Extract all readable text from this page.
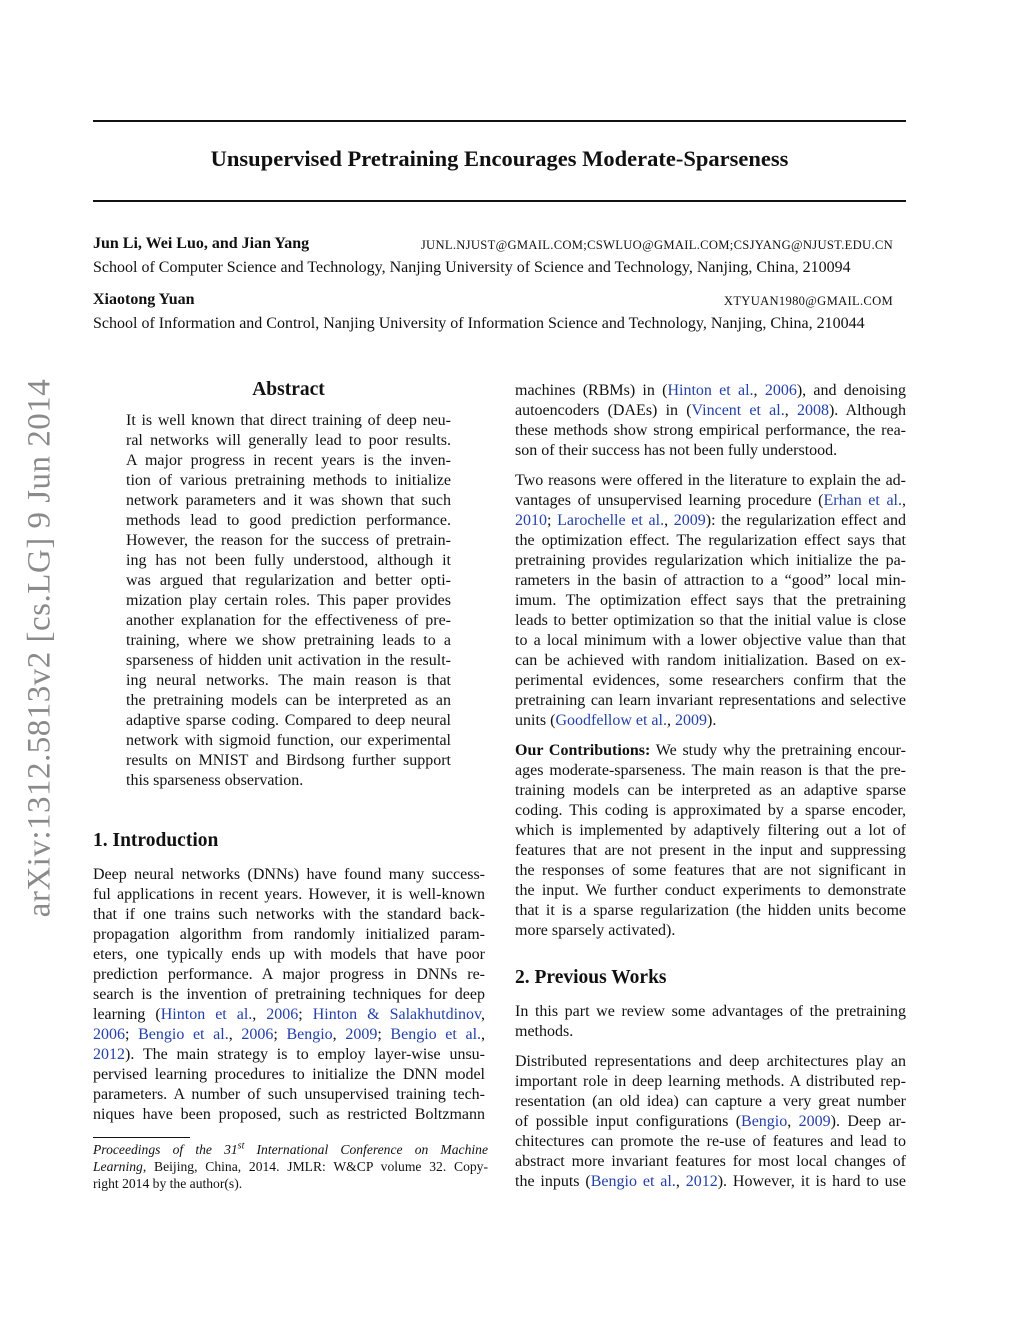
arXiv:1312.5813v2 [cs.LG] 9 Jun 2014
Unsupervised Pretraining Encourages Moderate-Sparseness
Jun Li, Wei Luo, and Jian Yang	JUNL.NJUST@GMAIL.COM;CSWLUO@GMAIL.COM;CSJYANG@NJUST.EDU.CN
School of Computer Science and Technology, Nanjing University of Science and Technology, Nanjing, China, 210094
Xiaotong Yuan	XTYUAN1980@GMAIL.COM
School of Information and Control, Nanjing University of Information Science and Technology, Nanjing, China, 210044
Abstract
It is well known that direct training of deep neu-
ral networks will generally lead to poor results.
A major progress in recent years is the inven-
tion of various pretraining methods to initialize
network parameters and it was shown that such
methods lead to good prediction performance.
However, the reason for the success of pretrain-
ing has not been fully understood, although it
was argued that regularization and better opti-
mization play certain roles. This paper provides
another explanation for the effectiveness of pre-
training, where we show pretraining leads to a
sparseness of hidden unit activation in the result-
ing neural networks. The main reason is that
the pretraining models can be interpreted as an
adaptive sparse coding. Compared to deep neural
network with sigmoid function, our experimental
results on MNIST and Birdsong further support
this sparseness observation.
1. Introduction
Deep neural networks (DNNs) have found many success-
ful applications in recent years. However, it is well-known
that if one trains such networks with the standard back-
propagation algorithm from randomly initialized param-
eters, one typically ends up with models that have poor
prediction performance. A major progress in DNNs re-
search is the invention of pretraining techniques for deep
learning (Hinton et al., 2006; Hinton & Salakhutdinov,
2006; Bengio et al., 2006; Bengio, 2009; Bengio et al.,
2012). The main strategy is to employ layer-wise unsu-
pervised learning procedures to initialize the DNN model
parameters. A number of such unsupervised training tech-
niques have been proposed, such as restricted Boltzmann
Proceedings of the 31st International Conference on Machine
Learning, Beijing, China, 2014. JMLR: W&CP volume 32. Copy-
right 2014 by the author(s).
machines (RBMs) in (Hinton et al., 2006), and denoising
autoencoders (DAEs) in (Vincent et al., 2008). Although
these methods show strong empirical performance, the rea-
son of their success has not been fully understood.
Two reasons were offered in the literature to explain the ad-
vantages of unsupervised learning procedure (Erhan et al.,
2010; Larochelle et al., 2009): the regularization effect and
the optimization effect. The regularization effect says that
pretraining provides regularization which initialize the pa-
rameters in the basin of attraction to a “good” local min-
imum. The optimization effect says that the pretraining
leads to better optimization so that the initial value is close
to a local minimum with a lower objective value than that
can be achieved with random initialization. Based on ex-
perimental evidences, some researchers confirm that the
pretraining can learn invariant representations and selective
units (Goodfellow et al., 2009).
Our Contributions: We study why the pretraining encour-
ages moderate-sparseness. The main reason is that the pre-
training models can be interpreted as an adaptive sparse
coding. This coding is approximated by a sparse encoder,
which is implemented by adaptively filtering out a lot of
features that are not present in the input and suppressing
the responses of some features that are not significant in
the input. We further conduct experiments to demonstrate
that it is a sparse regularization (the hidden units become
more sparsely activated).
2. Previous Works
In this part we review some advantages of the pretraining
methods.
Distributed representations and deep architectures play an
important role in deep learning methods. A distributed rep-
resentation (an old idea) can capture a very great number
of possible input configurations (Bengio, 2009). Deep ar-
chitectures can promote the re-use of features and lead to
abstract more invariant features for most local changes of
the inputs (Bengio et al., 2012). However, it is hard to use
